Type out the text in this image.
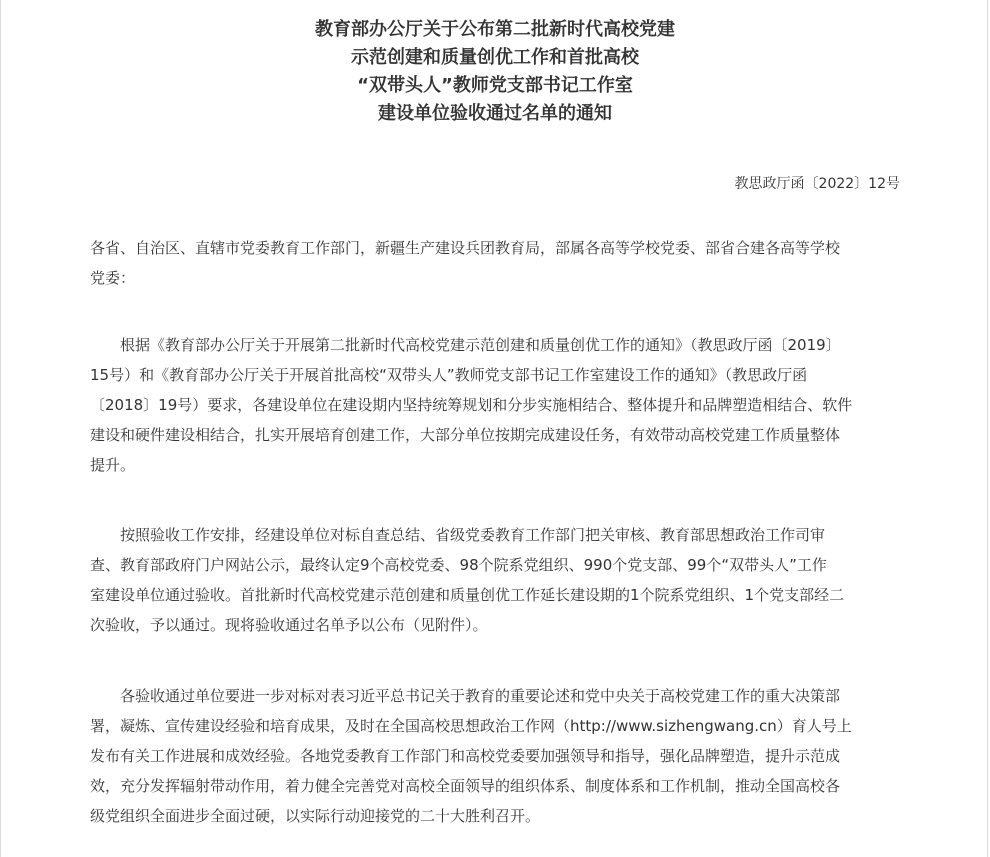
教育部办公厅关于公布第二批新时代高校党建
示范创建和质量创优工作和首批高校
“双带头人”教师党支部书记工作室
建设单位验收通过名单的通知
教思政厅函〔2022〕12号
各省、自治区、直辖市党委教育工作部门，新疆生产建设兵团教育局，部属各高等学校党委、部省合建各高等学校
党委：
根据《教育部办公厅关于开展第二批新时代高校党建示范创建和质量创优工作的通知》（教思政厅函〔2019〕
15号）和《教育部办公厅关于开展首批高校“双带头人”教师党支部书记工作室建设工作的通知》（教思政厅函
〔2018〕19号）要求，各建设单位在建设期内坚持统筹规划和分步实施相结合、整体提升和品牌塑造相结合、软件
建设和硬件建设相结合，扎实开展培育创建工作，大部分单位按期完成建设任务，有效带动高校党建工作质量整体
提升。
按照验收工作安排，经建设单位对标自查总结、省级党委教育工作部门把关审核、教育部思想政治工作司审
查、教育部政府门户网站公示，最终认定9个高校党委、98个院系党组织、990个党支部、99个“双带头人”工作
室建设单位通过验收。首批新时代高校党建示范创建和质量创优工作延长建设期的1个院系党组织、1个党支部经二
次验收，予以通过。现将验收通过名单予以公布（见附件）。
各验收通过单位要进一步对标对表习近平总书记关于教育的重要论述和党中央关于高校党建工作的重大决策部
署，凝炼、宣传建设经验和培育成果，及时在全国高校思想政治工作网（http://www.sizhengwang.cn）育人号上
发布有关工作进展和成效经验。各地党委教育工作部门和高校党委要加强领导和指导，强化品牌塑造，提升示范成
效，充分发挥辐射带动作用，着力健全完善党对高校全面领导的组织体系、制度体系和工作机制，推动全国高校各
级党组织全面进步全面过硬，以实际行动迎接党的二十大胜利召开。
